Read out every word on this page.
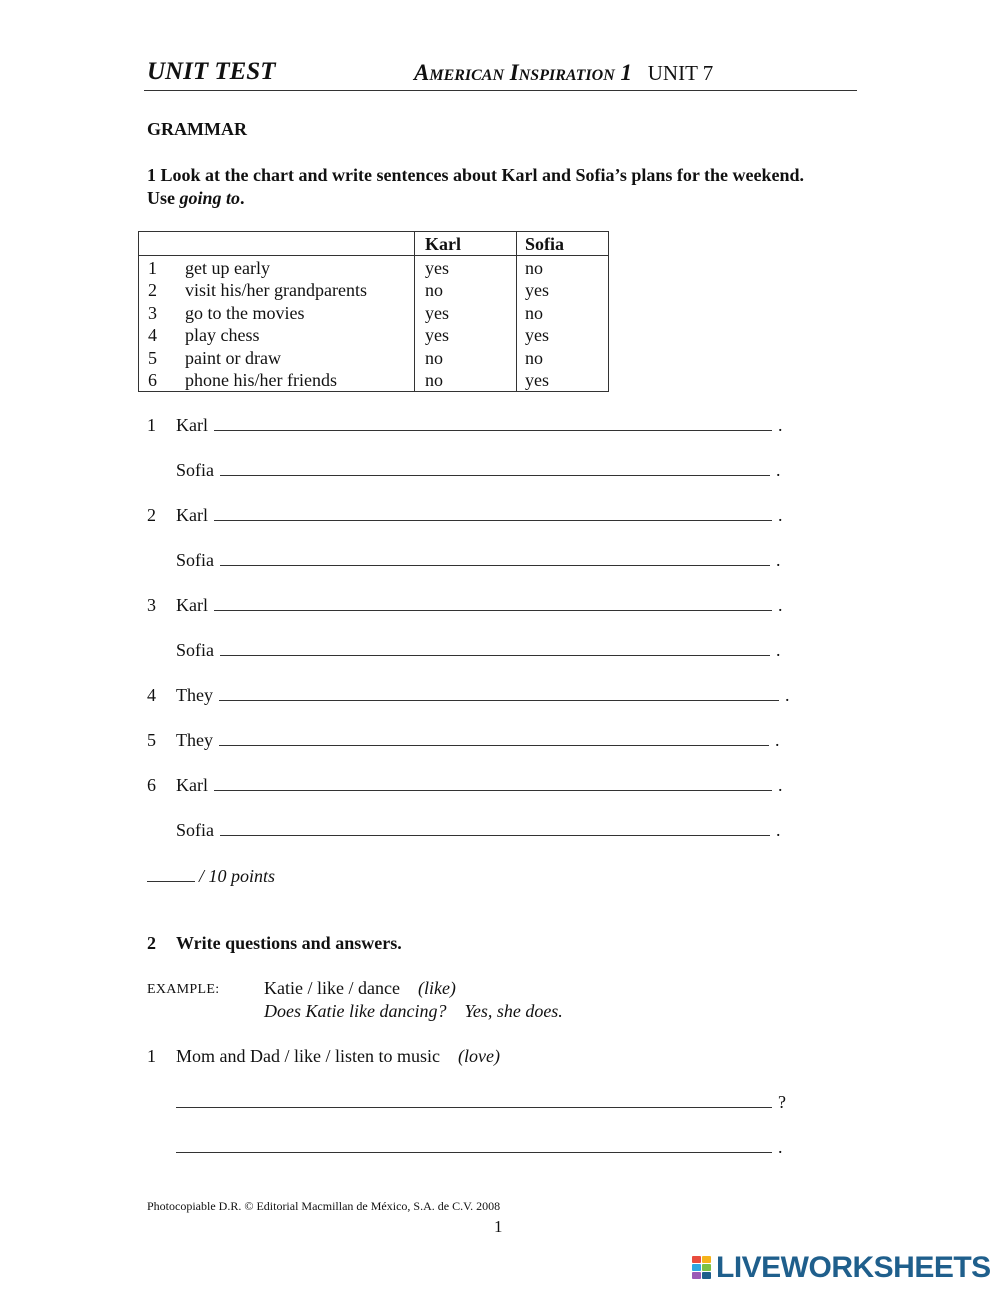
UNIT TEST	American Inspiration 1 UNIT 7
GRAMMAR
1 Look at the chart and write sentences about Karl and Sofia’s plans for the weekend. Use going to.
		Karl	Sofia
1	get up early	yes	no
2	visit his/her grandparents	no	yes
3	go to the movies	yes	no
4	play chess	yes	yes
5	paint or draw	no	no
6	phone his/her friends	no	yes
1 Karl	.
Sofia	.
2 Karl	.
Sofia	.
3 Karl	.
Sofia	.
4 They	.
5 They	.
6 Karl	.
Sofia	.
/ 10 points
2 Write questions and answers.
EXAMPLE: Katie / like / dance (like)
Does Katie like dancing? Yes, she does.
1 Mom and Dad / like / listen to music (love)
?
.
Photocopiable D.R. © Editorial Macmillan de México, S.A. de C.V. 2008
1
LIVEWORKSHEETS
